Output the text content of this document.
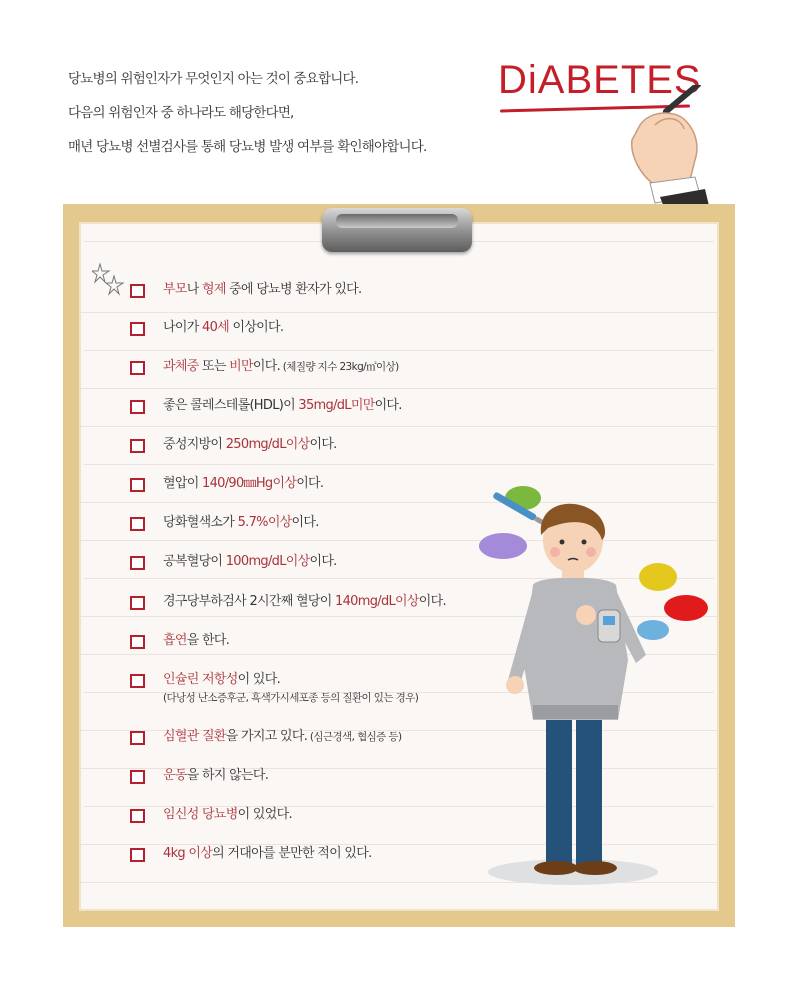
당뇨병의 위험인자가 무엇인지 아는 것이 중요합니다.
다음의 위험인자 중 하나라도 해당한다면,
매년 당뇨병 선별검사를 통해 당뇨병 발생 여부를 확인해야합니다.
DiABETES
부모나 형제 중에 당뇨병 환자가 있다.
나이가 40세 이상이다.
과체중 또는 비만이다. (체질량 지수 23kg/㎡이상)
좋은 콜레스테롤(HDL)이 35mg/dL미만이다.
중성지방이 250mg/dL이상이다.
혈압이 140/90㎜Hg이상이다.
당화혈색소가 5.7%이상이다.
공복혈당이 100mg/dL이상이다.
경구당부하검사 2시간째 혈당이 140mg/dL이상이다.
흡연을 한다.
인슐린 저항성이 있다.
(다낭성 난소증후군, 흑색가시세포종 등의 질환이 있는 경우)
심혈관 질환을 가지고 있다. (심근경색, 협심증 등)
운동을 하지 않는다.
임신성 당뇨병이 있었다.
4kg 이상의 거대아를 분만한 적이 있다.
